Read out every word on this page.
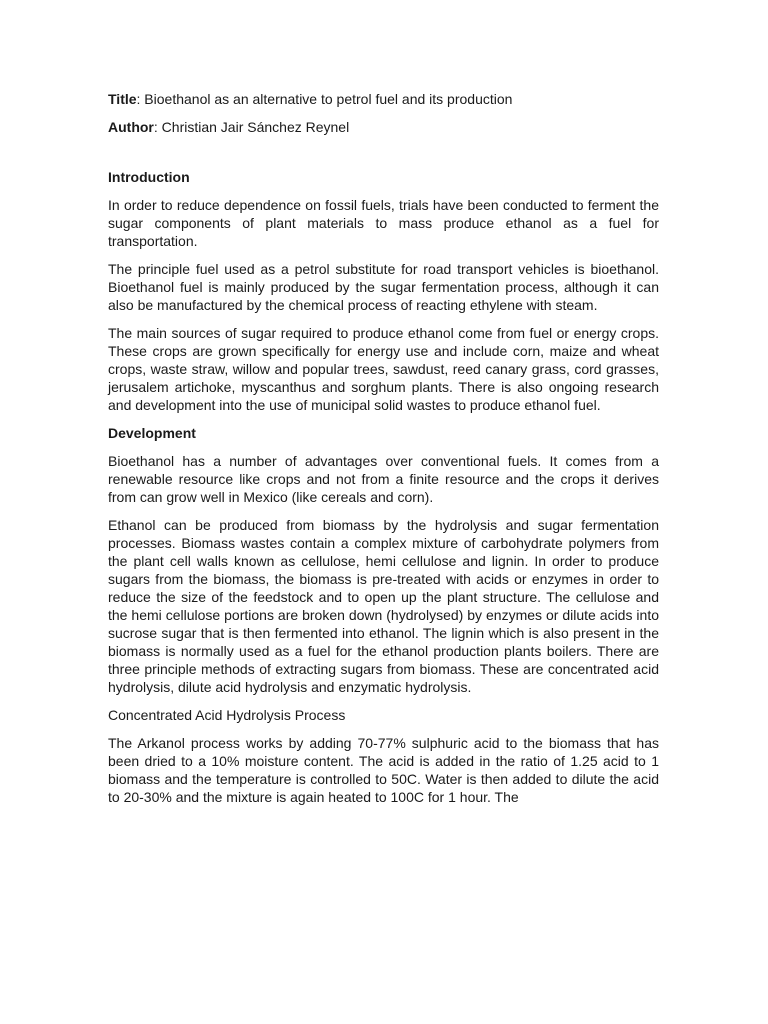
Title: Bioethanol as an alternative to petrol fuel and its production

Author: Christian Jair Sánchez Reynel

Introduction

In order to reduce dependence on fossil fuels, trials have been conducted to ferment the sugar components of plant materials to mass produce ethanol as a fuel for transportation.

The principle fuel used as a petrol substitute for road transport vehicles is bioethanol. Bioethanol fuel is mainly produced by the sugar fermentation process, although it can also be manufactured by the chemical process of reacting ethylene with steam.

The main sources of sugar required to produce ethanol come from fuel or energy crops. These crops are grown specifically for energy use and include corn, maize and wheat crops, waste straw, willow and popular trees, sawdust, reed canary grass, cord grasses, jerusalem artichoke, myscanthus and sorghum plants. There is also ongoing research and development into the use of municipal solid wastes to produce ethanol fuel.

Development

Bioethanol has a number of advantages over conventional fuels. It comes from a renewable resource like crops and not from a finite resource and the crops it derives from can grow well in Mexico (like cereals and corn).

Ethanol can be produced from biomass by the hydrolysis and sugar fermentation processes. Biomass wastes contain a complex mixture of carbohydrate polymers from the plant cell walls known as cellulose, hemi cellulose and lignin. In order to produce sugars from the biomass, the biomass is pre-treated with acids or enzymes in order to reduce the size of the feedstock and to open up the plant structure. The cellulose and the hemi cellulose portions are broken down (hydrolysed) by enzymes or dilute acids into sucrose sugar that is then fermented into ethanol. The lignin which is also present in the biomass is normally used as a fuel for the ethanol production plants boilers. There are three principle methods of extracting sugars from biomass. These are concentrated acid hydrolysis, dilute acid hydrolysis and enzymatic hydrolysis.

Concentrated Acid Hydrolysis Process

The Arkanol process works by adding 70-77% sulphuric acid to the biomass that has been dried to a 10% moisture content. The acid is added in the ratio of 1.25 acid to 1 biomass and the temperature is controlled to 50C. Water is then added to dilute the acid to 20-30% and the mixture is again heated to 100C for 1 hour. The
